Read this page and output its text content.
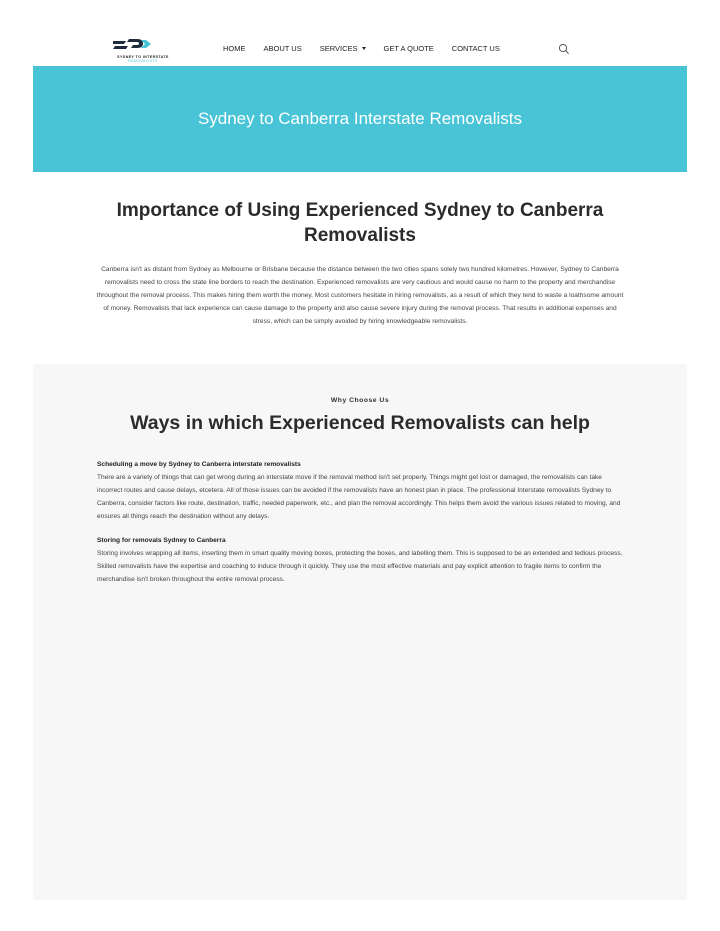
SYDNEY TO INTERSTATE
REMOVALISTS
HOME ABOUT US SERVICES	GET A QUOTE CONTACT US
Sydney to Canberra Interstate Removalists
Importance of Using Experienced Sydney to Canberra Removalists

Canberra isn't as distant from Sydney as Melbourne or Brisbane because the distance between the two cities spans solely two hundred kilometres. However, Sydney to Canberra removalists need to cross the state line borders to reach the destination. Experienced removalists are very cautious and would cause no harm to the property and merchandise throughout the removal process. This makes hiring them worth the money. Most customers hesitate in hiring removalists, as a result of which they tend to waste a loathsome amount of money. Removalists that lack experience can cause damage to the property and also cause severe injury during the removal process. That results in additional expenses and stress, which can be simply avoided by hiring knowledgeable removalists.

Why Choose Us
Ways in which Experienced Removalists can help
Scheduling a move by Sydney to Canberra interstate removalists
There are a variety of things that can get wrong during an interstate move if the removal method isn't set properly. Things might get lost or damaged, the removalists can take incorrect routes and cause delays, etcetera. All of those issues can be avoided if the removalists have an honest plan in place. The professional Interstate removalists Sydney to Canberra, consider factors like route, destination, traffic, needed paperwork, etc., and plan the removal accordingly. This helps them avoid the various issues related to moving, and ensures all things reach the destination without any delays.
Storing for removals Sydney to Canberra
Storing involves wrapping all items, inserting them in smart quality moving boxes, protecting the boxes, and labelling them. This is supposed to be an extended and tedious process. Skilled removalists have the expertise and coaching to induce through it quickly. They use the most effective materials and pay explicit attention to fragile items to confirm the merchandise isn't broken throughout the entire removal process.
